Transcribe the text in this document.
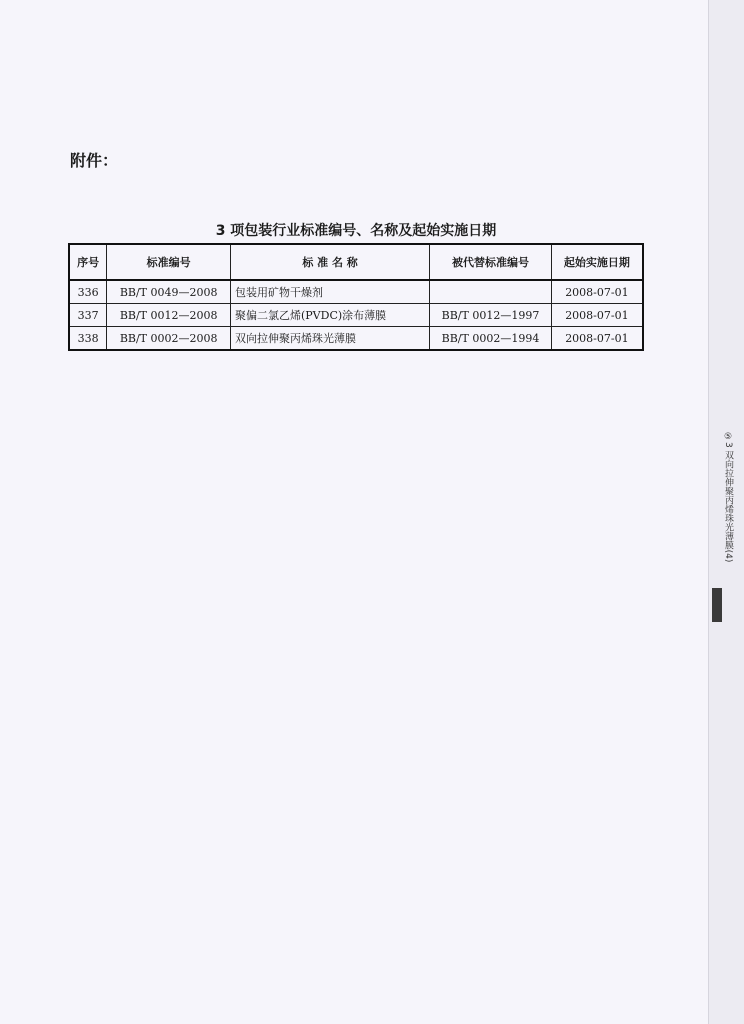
⑤3 双向拉伸聚丙烯珠光薄膜(4)
附件：
3 项包装行业标准编号、名称及起始实施日期
序号	标准编号	标 准 名 称	被代替标准编号	起始实施日期
336	BB/T 0049—2008	包装用矿物干燥剂		2008-07-01
337	BB/T 0012—2008	聚偏二氯乙烯(PVDC)涂布薄膜	BB/T 0012—1997	2008-07-01
338	BB/T 0002—2008	双向拉伸聚丙烯珠光薄膜	BB/T 0002—1994	2008-07-01
